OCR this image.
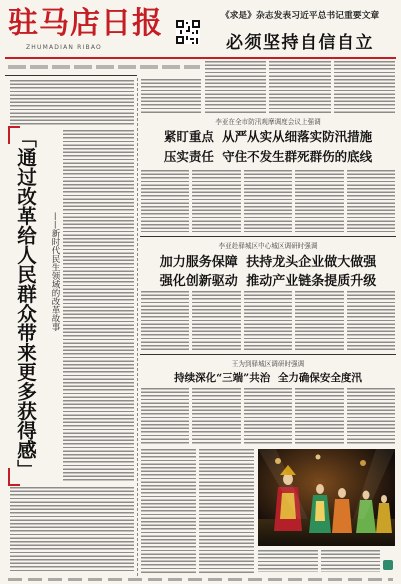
驻马店日报
ZHUMADIAN RIBAO
《求是》杂志发表习近平总书记重要文章
必须坚持自信自立
「通过改革给人民群众带来更多获得感」 ——新时代民生领域的改革故事
李亚在全市防汛观摩调度会议上强调
紧盯重点 从严从实从细落实防汛措施
压实责任 守住不发生群死群伤的底线
李亚赴驿城区中心城区调研时强调
加力服务保障 扶持龙头企业做大做强
强化创新驱动 推动产业链条提质升级
王为到驿城区调研时强调
持续深化“三端”共治 全力确保安全度汛
